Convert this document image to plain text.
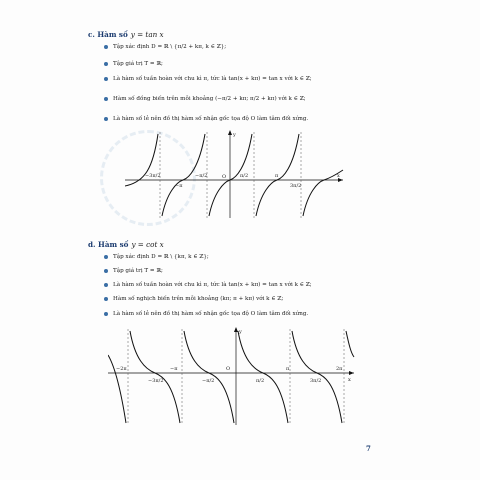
c. Hàm số y = tan x
Tập xác định D = ℝ \ {π/2 + kπ, k ∈ ℤ};
Tập giá trị T = ℝ;
Là hàm số tuần hoàn với chu kì π, tức là tan(x + kπ) = tan x với k ∈ ℤ;
Hàm số đồng biến trên mỗi khoảng (−π/2 + kπ; π/2 + kπ) với k ∈ ℤ;
Là hàm số lẻ nên đồ thị hàm số nhận gốc tọa độ O làm tâm đối xứng.
y
x
O
−3π/2
−π
−π/2	π/2	π
3π/2
d. Hàm số y = cot x
Tập xác định D = ℝ \ {kπ, k ∈ ℤ};
Tập giá trị T = ℝ;
Là hàm số tuần hoàn với chu kì π, tức là tan(x + kπ) = tan x với k ∈ ℤ;
Hàm số nghịch biến trên mỗi khoảng (kπ; π + kπ) với k ∈ ℤ;
Là hàm số lẻ nên đồ thị hàm số nhận gốc tọa độ O làm tâm đối xứng.
y
x
O
−2π
−3π/2
−π
−π/2	π/2
π
3π/2
2π
7
